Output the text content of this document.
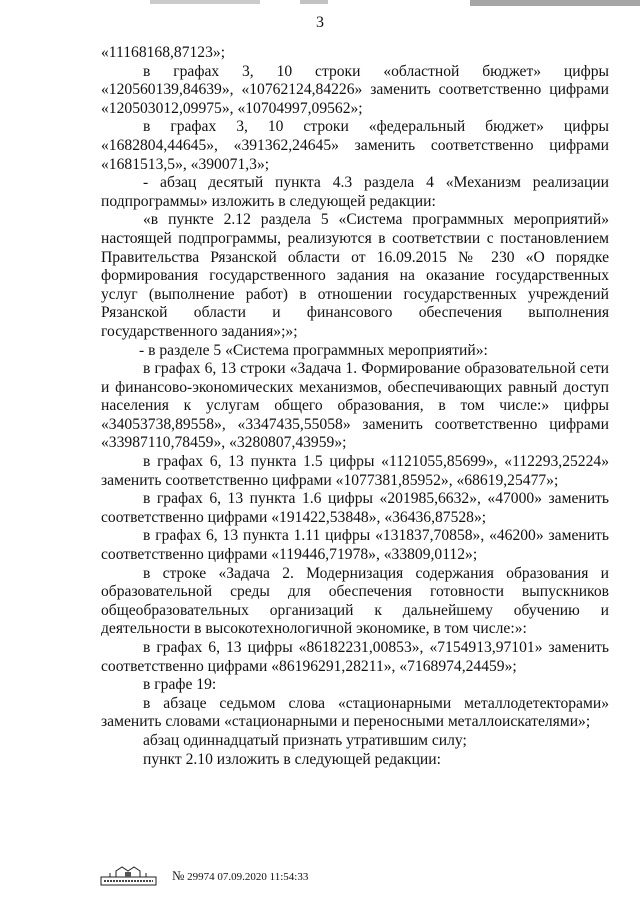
3

«11168168,87123»;

в графах 3, 10 строки «областной бюджет» цифры «120560139,84639», «10762124,84226» заменить соответственно цифрами «120503012,09975», «10704997,09562»;

в графах 3, 10 строки «федеральный бюджет» цифры «1682804,44645», «391362,24645» заменить соответственно цифрами «1681513,5», «390071,3»;

- абзац десятый пункта 4.3 раздела 4 «Механизм реализации подпрограммы» изложить в следующей редакции:

«в пункте 2.12 раздела 5 «Система программных мероприятий» настоящей подпрограммы, реализуются в соответствии с постановлением Правительства Рязанской области от 16.09.2015 № 230 «О порядке формирования государственного задания на оказание государственных услуг (выполнение работ) в отношении государственных учреждений Рязанской области и финансового обеспечения выполнения государственного задания»;»;

- в разделе 5 «Система программных мероприятий»:

в графах 6, 13 строки «Задача 1. Формирование образовательной сети и финансово-экономических механизмов, обеспечивающих равный доступ населения к услугам общего образования, в том числе:» цифры «34053738,89558», «3347435,55058» заменить соответственно цифрами «33987110,78459», «3280807,43959»;

в графах 6, 13 пункта 1.5 цифры «1121055,85699», «112293,25224» заменить соответственно цифрами «1077381,85952», «68619,25477»;

в графах 6, 13 пункта 1.6 цифры «201985,6632», «47000» заменить соответственно цифрами «191422,53848», «36436,87528»;

в графах 6, 13 пункта 1.11 цифры «131837,70858», «46200» заменить соответственно цифрами «119446,71978», «33809,0112»;

в строке «Задача 2. Модернизация содержания образования и образовательной среды для обеспечения готовности выпускников общеобразовательных организаций к дальнейшему обучению и деятельности в высокотехнологичной экономике, в том числе:»:

в графах 6, 13 цифры «86182231,00853», «7154913,97101» заменить соответственно цифрами «86196291,28211», «7168974,24459»;

в графе 19:

в абзаце седьмом слова «стационарными металлодетекторами» заменить словами «стационарными и переносными металлоискателями»;

абзац одиннадцатый признать утратившим силу;

пункт 2.10 изложить в следующей редакции:

№ 29974 07.09.2020 11:54:33
